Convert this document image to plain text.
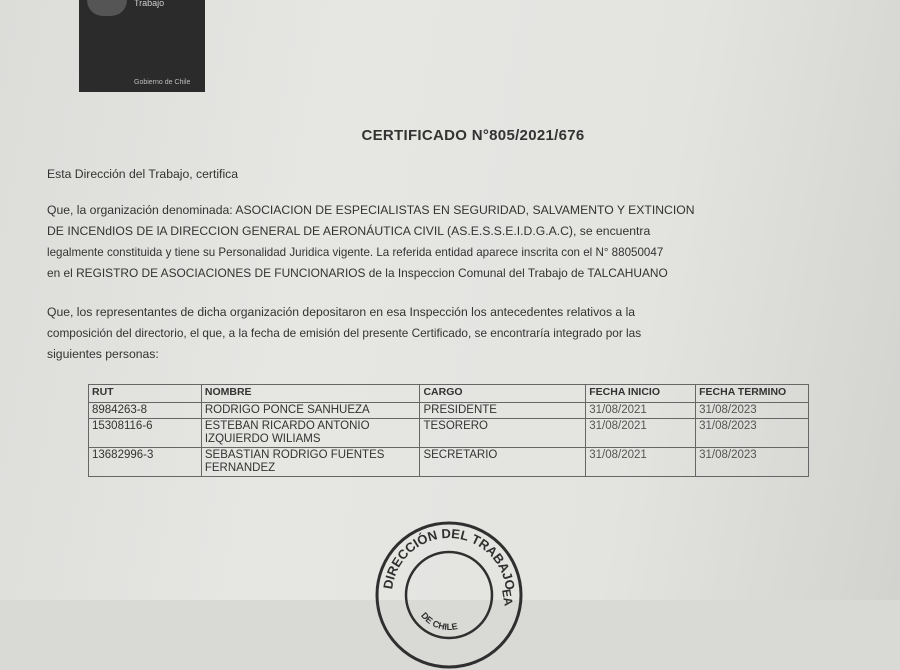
Trabajo
Gobierno de Chile
CERTIFICADO N°805/2021/676
Esta Dirección del Trabajo, certifica
Que, la organización denominada: ASOCIACION DE ESPECIALISTAS EN SEGURIDAD, SALVAMENTO Y EXTINCION
DE INCENdIOS DE lA DIRECCION GENERAL DE AERONÁUTICA CIVIL (AS.E.S.S.E.I.D.G.A.C), se encuentra
legalmente constituida y tiene su Personalidad Juridica vigente. La referida entidad aparece inscrita con el N° 88050047
en el REGISTRO DE ASOCIACIONES DE FUNCIONARIOS de la Inspeccion Comunal del Trabajo de TALCAHUANO
Que, los representantes de dicha organización depositaron en esa Inspección los antecedentes relativos a la
composición del directorio, el que, a la fecha de emisión del presente Certificado, se encontraría integrado por las
siguientes personas:
RUT	NOMBRE	CARGO	FECHA INICIO	FECHA TERMINO
8984263-8	RODRIGO PONCE SANHUEZA	PRESIDENTE	31/08/2021	31/08/2023
15308116-6	ESTEBAN RICARDO ANTONIO IZQUIERDO WILIAMS	TESORERO	31/08/2021	31/08/2023
13682996-3	SEBASTIAN RODRIGO FUENTES FERNANDEZ	SECRETARIO	31/08/2021	31/08/2023
DIRECCIÓN DEL TRABAJO
DE CHILE
EA
